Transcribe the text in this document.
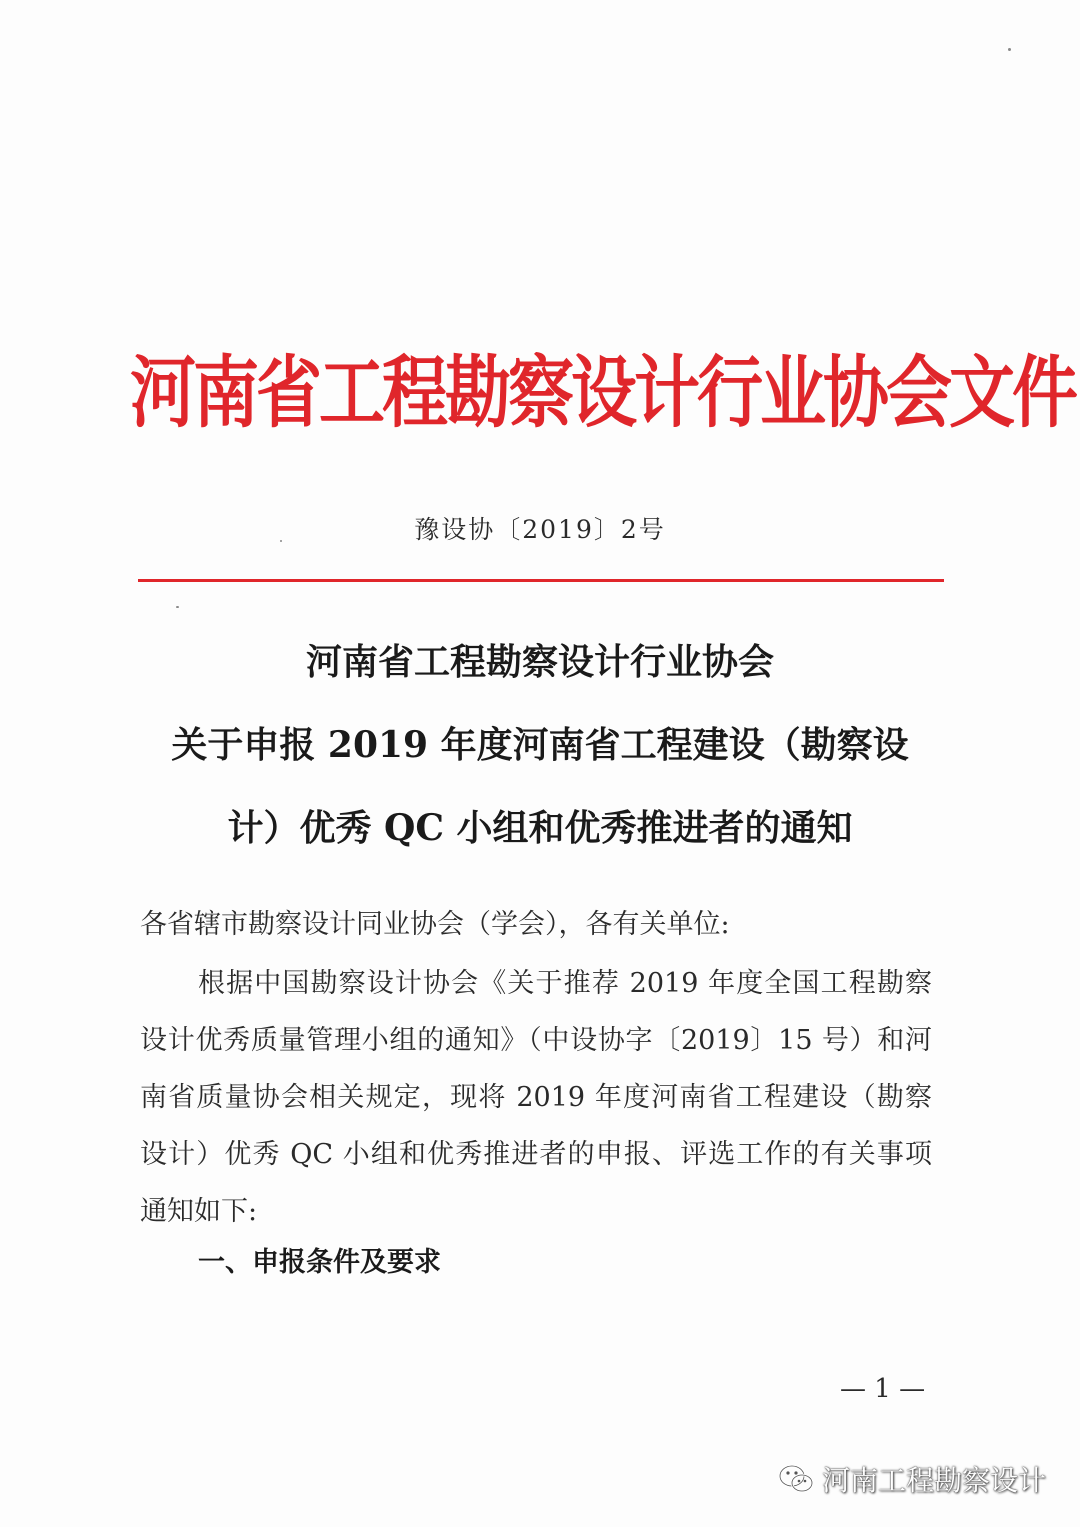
河南省工程勘察设计行业协会文件
豫设协〔2019〕2号
河南省工程勘察设计行业协会
关于申报 2019 年度河南省工程建设（勘察设
计）优秀 QC 小组和优秀推进者的通知
各省辖市勘察设计同业协会（学会），各有关单位:
根据中国勘察设计协会《关于推荐 2019 年度全国工程勘察
设计优秀质量管理小组的通知》（中设协字〔2019〕15 号）和河
南省质量协会相关规定，现将 2019 年度河南省工程建设（勘察
设计）优秀 QC 小组和优秀推进者的申报、评选工作的有关事项
通知如下:
一、申报条件及要求
— 1 —
河南工程勘察设计
